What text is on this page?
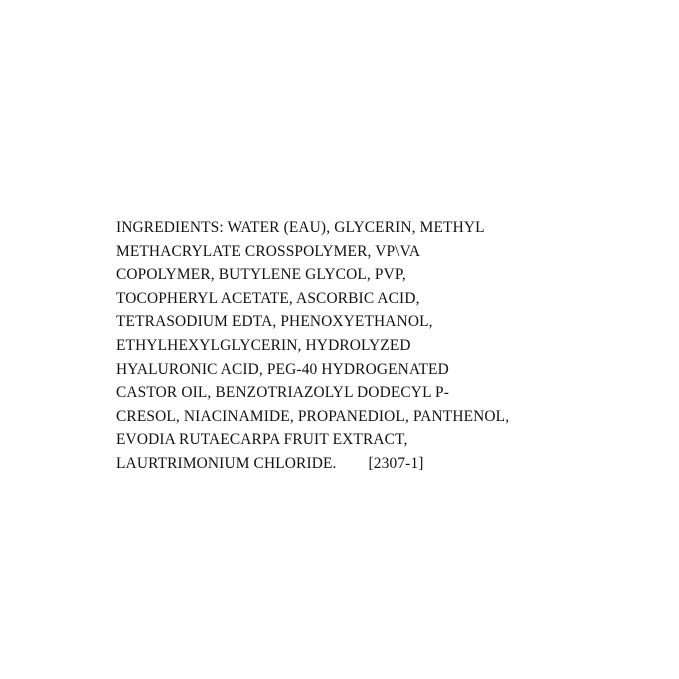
INGREDIENTS: WATER (EAU), GLYCERIN, METHYL
METHACRYLATE CROSSPOLYMER, VP\VA
COPOLYMER, BUTYLENE GLYCOL, PVP,
TOCOPHERYL ACETATE, ASCORBIC ACID,
TETRASODIUM EDTA, PHENOXYETHANOL,
ETHYLHEXYLGLYCERIN, HYDROLYZED
HYALURONIC ACID, PEG-40 HYDROGENATED
CASTOR OIL, BENZOTRIAZOLYL DODECYL P-
CRESOL, NIACINAMIDE, PROPANEDIOL, PANTHENOL,
EVODIA RUTAECARPA FRUIT EXTRACT,
LAURTRIMONIUM CHLORIDE.        [2307-1]
